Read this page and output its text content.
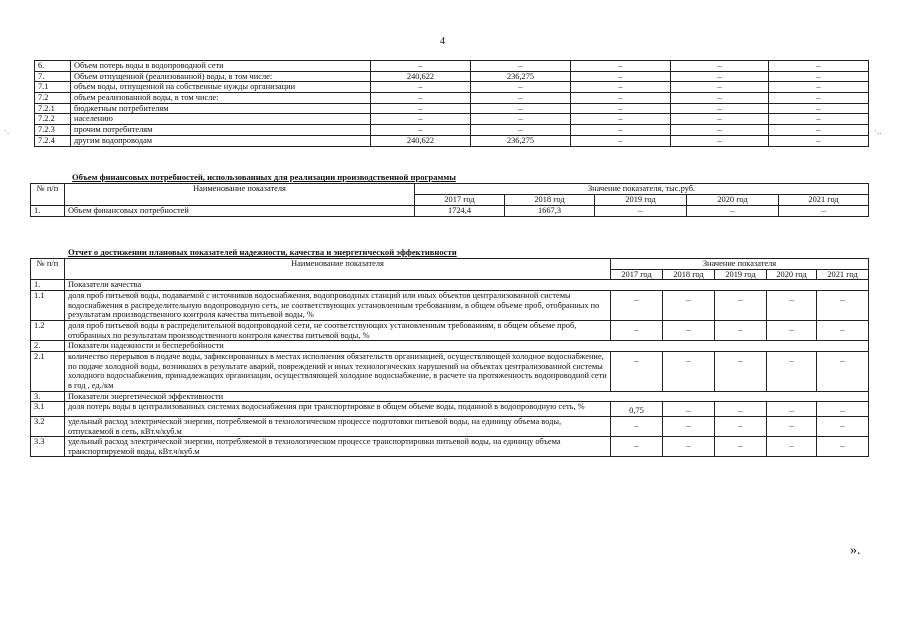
4
·.	·..
6.	Объем потерь воды в водопроводной сети	–	–	–	–	–
7.	Объем отпущенной (реализованной) воды, в том числе:	240,622	236,275	–	–	–
7.1	объем воды, отпущенной на собственные нужды организации	–	–	–	–	–
7.2	объем реализованной воды, в том числе:	–	–	–	–	–
7.2.1	бюджетным потребителям	–	–	–	–	–
7.2.2	населению	–	–	–	–	–
7.2.3	прочим потребителям	–	–	–	–	–
7.2.4	другим водопроводам	240,622	236,275	–	–	–
Объем финансовых потребностей, использованных для реализации производственной программы
№ п/п	Наименование показателя	Значение показателя, тыс.руб.				
		2017 год	2018 год	2019 год	2020 год	2021 год
1.	Объем финансовых потребностей	1724,4	1667,3	–	–	–
Отчет о достижении плановых показателей надежности, качества и энергетической эффективности
№ п/п	Наименование показателя	Значение показателя				
		2017 год	2018 год	2019 год	2020 год	2021 год
1.	Показатели качества					
1.1	доля проб питьевой воды, подаваемой с источников водоснабжения, водопроводных станций или иных объектов централизованной системы водоснабжения в распределительную водопроводную сеть, не соответствующих установленным требованиям, в общем объеме проб, отобранных по результатам производственного контроля качества питьевой воды, %	–	–	–	–	–
1.2	доля проб питьевой воды в распределительной водопроводной сети, не соответствующих установленным требованиям, в общем объеме проб, отобранных по результатам производственного контроля качества питьевой воды, %	–	–	–	–	–
2.	Показатели надежности и бесперебойности					
2.1	количество перерывов в подаче воды, зафиксированных в местах исполнения обязательств организацией, осуществляющей холодное водоснабжение, по подаче холодной воды, возникших в результате аварий, повреждений и иных технологических нарушений на объектах централизованной системы холодного водоснабжения, принадлежащих организации, осуществляющей холодное водоснабжение, в расчете на протяженность водопроводной сети в год , ед./км	–	–	–	–	–
3.	Показатели энергетической эффективности					
3.1	доля потерь воды в централизованных системах водоснабжения при транспортировке в общем объеме воды, поданной в водопроводную сеть, %	0,75	–	–	–	–
3.2	удельный расход электрической энергии, потребляемой в технологическом процессе подготовки питьевой воды, на единицу объема воды, отпускаемой в сеть, кВт.ч/куб.м	–	–	–	–	–
3.3	удельный расход электрической энергии, потребляемой в технологическом процессе транспортировки питьевой воды, на единицу объема транспортируемой воды, кВт.ч/куб.м	–	–	–	–	–
».
